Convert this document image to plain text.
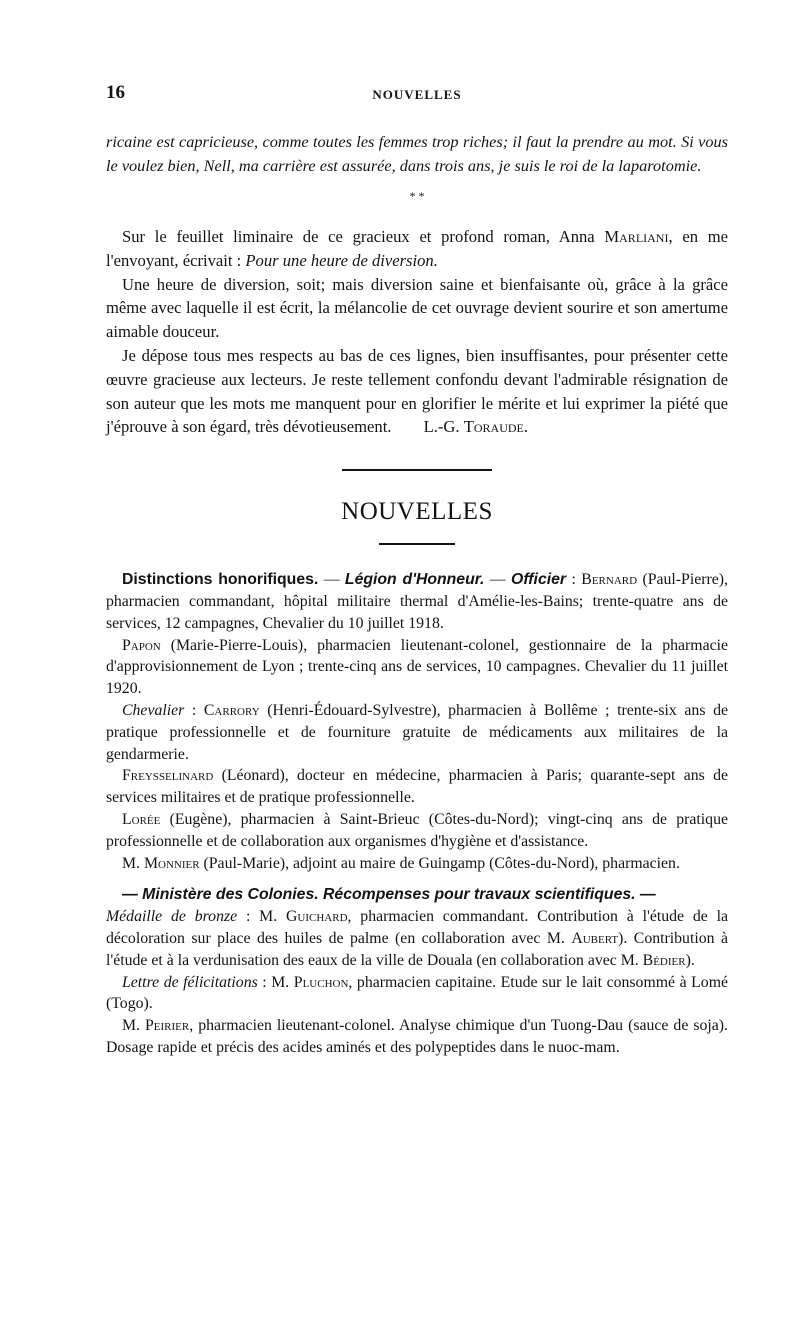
16	NOUVELLES

ricaine est capricieuse, comme toutes les femmes trop riches; il faut la prendre au mot. Si vous le voulez bien, Nell, ma carrière est assurée, dans trois ans, je suis le roi de la laparotomie.

* *

Sur le feuillet liminaire de ce gracieux et profond roman, Anna Marliani, en me l'envoyant, écrivait : Pour une heure de diversion.

Une heure de diversion, soit; mais diversion saine et bienfaisante où, grâce à la grâce même avec laquelle il est écrit, la mélancolie de cet ouvrage devient sourire et son amertume aimable douceur.

Je dépose tous mes respects au bas de ces lignes, bien insuffisantes, pour présenter cette œuvre gracieuse aux lecteurs. Je reste tellement confondu devant l'admirable résignation de son auteur que les mots me manquent pour en glorifier le mérite et lui exprimer la piété que j'éprouve à son égard, très dévotieusement. L.-G. Toraude.

NOUVELLES

Distinctions honorifiques. — Légion d'Honneur. — Officier : Bernard (Paul-Pierre), pharmacien commandant, hôpital militaire thermal d'Amélie-les-Bains; trente-quatre ans de services, 12 campagnes, Chevalier du 10 juillet 1918.

Papon (Marie-Pierre-Louis), pharmacien lieutenant-colonel, gestionnaire de la pharmacie d'approvisionnement de Lyon ; trente-cinq ans de services, 10 campagnes. Chevalier du 11 juillet 1920.

Chevalier : Carrory (Henri-Édouard-Sylvestre), pharmacien à Bollême ; trente-six ans de pratique professionnelle et de fourniture gratuite de médicaments aux militaires de la gendarmerie.

Freysselinard (Léonard), docteur en médecine, pharmacien à Paris; quarante-sept ans de services militaires et de pratique professionnelle.

Lorée (Eugène), pharmacien à Saint-Brieuc (Côtes-du-Nord); vingt-cinq ans de pratique professionnelle et de collaboration aux organismes d'hygiène et d'assistance.

M. Monnier (Paul-Marie), adjoint au maire de Guingamp (Côtes-du-Nord), pharmacien.

— Ministère des Colonies. Récompenses pour travaux scientifiques. —

Médaille de bronze : M. Guichard, pharmacien commandant. Contribution à l'étude de la décoloration sur place des huiles de palme (en collaboration avec M. Aubert). Contribution à l'étude et à la verdunisation des eaux de la ville de Douala (en collaboration avec M. Bédier).

Lettre de félicitations : M. Pluchon, pharmacien capitaine. Etude sur le lait consommé à Lomé (Togo).

M. Peirier, pharmacien lieutenant-colonel. Analyse chimique d'un Tuong-Dau (sauce de soja). Dosage rapide et précis des acides aminés et des polypeptides dans le nuoc-mam.
